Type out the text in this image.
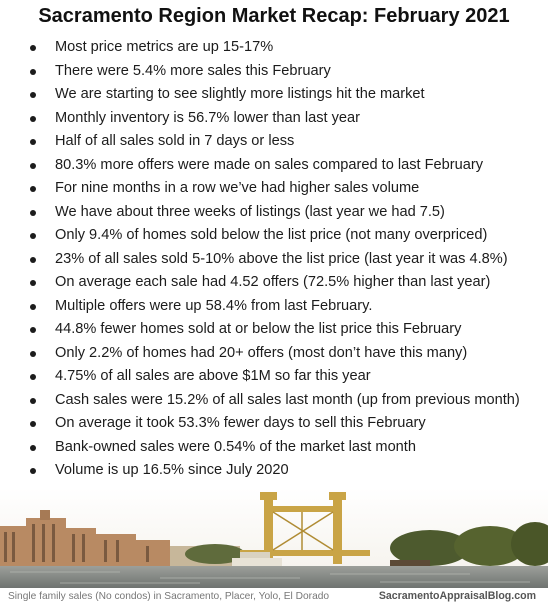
Sacramento Region Market Recap: February 2021
Most price metrics are up 15-17%
There were 5.4% more sales this February
We are starting to see slightly more listings hit the market
Monthly inventory is 56.7% lower than last year
Half of all sales sold in 7 days or less
80.3% more offers were made on sales compared to last February
For nine months in a row we’ve had higher sales volume
We have about three weeks of listings (last year we had 7.5)
Only 9.4% of homes sold below the list price (not many overpriced)
23% of all sales sold 5-10% above the list price (last year it was 4.8%)
On average each sale had 4.52 offers (72.5% higher than last year)
Multiple offers were up 58.4% from last February.
44.8% fewer homes sold at or below the list price this February
Only 2.2% of homes had 20+ offers (most don’t have this many)
4.75% of all sales are above $1M so far this year
Cash sales were 15.2% of all sales last month (up from previous month)
On average it took 53.3% fewer days to sell this February
Bank-owned sales were 0.54% of the market last month
Volume is up 16.5% since July 2020
Single family sales (No condos) in Sacramento, Placer, Yolo, El Dorado	SacramentoAppraisalBlog.com
